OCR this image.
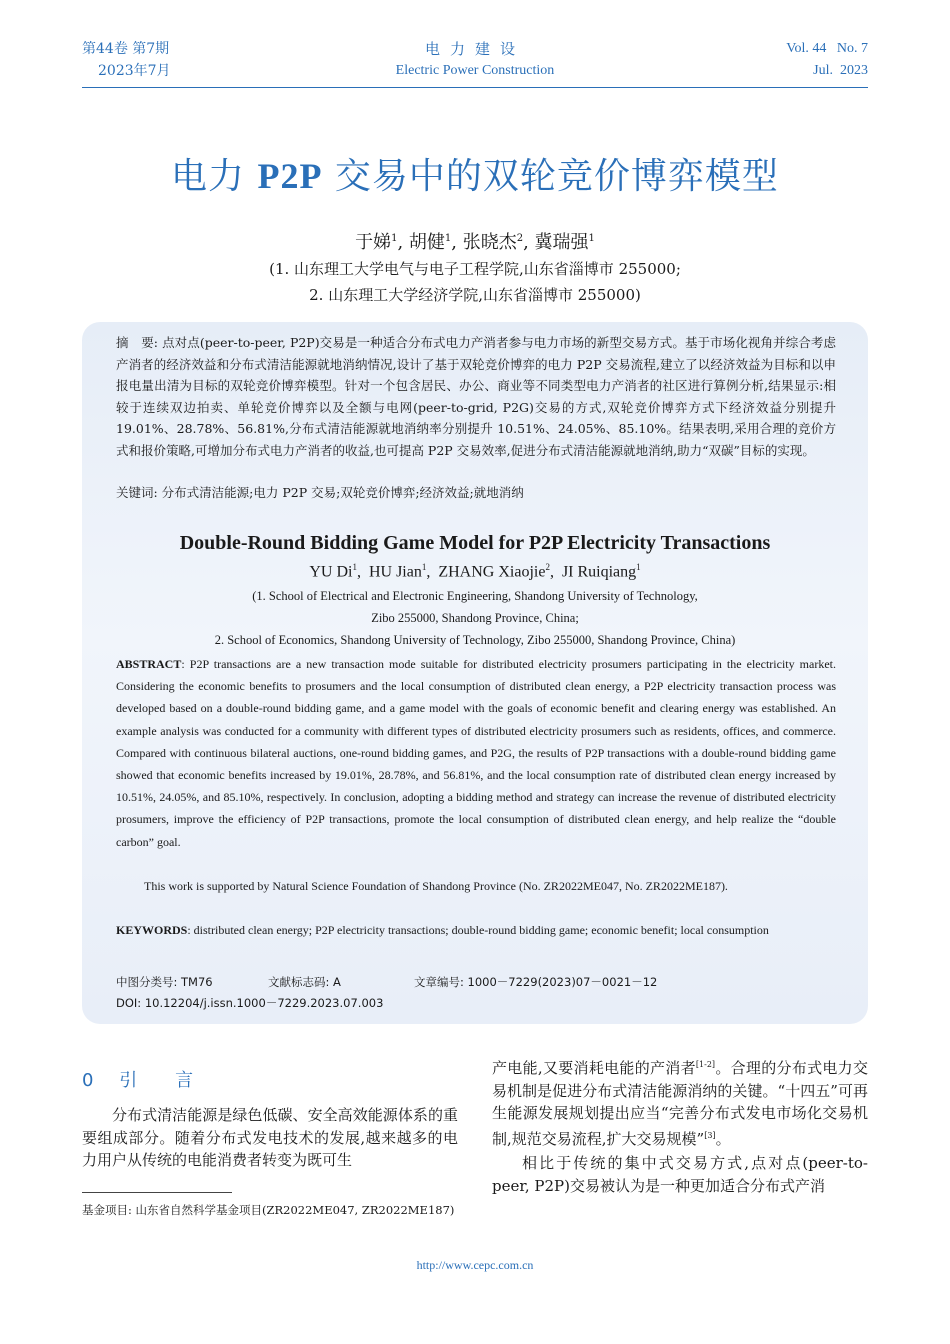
第44卷 第7期
2023年7月
电力建设
Electric Power Construction
Vol. 44   No. 7
Jul.  2023
电力 P2P 交易中的双轮竞价博弈模型
于娣$^1$, 胡健$^1$, 张晓杰$^2$, 冀瑞强$^1$
(1. 山东理工大学电气与电子工程学院,山东省淄博市 255000;
2. 山东理工大学经济学院,山东省淄博市 255000)
摘　要: 点对点(peer-to-peer, P2P)交易是一种适合分布式电力产消者参与电力市场的新型交易方式。基于市场化视角并综合考虑产消者的经济效益和分布式清洁能源就地消纳情况,设计了基于双轮竞价博弈的电力 P2P 交易流程,建立了以经济效益为目标和以申报电量出清为目标的双轮竞价博弈模型。针对一个包含居民、办公、商业等不同类型电力产消者的社区进行算例分析,结果显示:相较于连续双边拍卖、单轮竞价博弈以及全额与电网(peer-to-grid, P2G)交易的方式,双轮竞价博弈方式下经济效益分别提升 19.01%、28.78%、56.81%,分布式清洁能源就地消纳率分别提升 10.51%、24.05%、85.10%。结果表明,采用合理的竞价方式和报价策略,可增加分布式电力产消者的收益,也可提高 P2P 交易效率,促进分布式清洁能源就地消纳,助力“双碳”目标的实现。
关键词: 分布式清洁能源;电力 P2P 交易;双轮竞价博弈;经济效益;就地消纳
Double-Round Bidding Game Model for P2P Electricity Transactions
YU Di$^1$,  HU Jian$^1$,  ZHANG Xiaojie$^2$,  JI Ruiqiang$^1$
(1. School of Electrical and Electronic Engineering, Shandong University of Technology,
Zibo 255000, Shandong Province, China;
2. School of Economics, Shandong University of Technology, Zibo 255000, Shandong Province, China)
ABSTRACT: P2P transactions are a new transaction mode suitable for distributed electricity prosumers participating in the electricity market. Considering the economic benefits to prosumers and the local consumption of distributed clean energy, a P2P electricity transaction process was developed based on a double-round bidding game, and a game model with the goals of economic benefit and clearing energy was established. An example analysis was conducted for a community with different types of distributed electricity prosumers such as residents, offices, and commerce. Compared with continuous bilateral auctions, one-round bidding games, and P2G, the results of P2P transactions with a double-round bidding game showed that economic benefits increased by 19.01%, 28.78%, and 56.81%, and the local consumption rate of distributed clean energy increased by 10.51%, 24.05%, and 85.10%, respectively. In conclusion, adopting a bidding method and strategy can increase the revenue of distributed electricity prosumers, improve the efficiency of P2P transactions, promote the local consumption of distributed clean energy, and help realize the “double carbon” goal.
This work is supported by Natural Science Foundation of Shandong Province (No. ZR2022ME047, No. ZR2022ME187).
KEYWORDS: distributed clean energy; P2P electricity transactions; double-round bidding game; economic benefit; local consumption
中图分类号: TM76	文献标志码: A	文章编号: 1000－7229(2023)07－0021－12
DOI: 10.12204/j.issn.1000－7229.2023.07.003
0 引　言
分布式清洁能源是绿色低碳、安全高效能源体系的重要组成部分。随着分布式发电技术的发展,越来越多的电力用户从传统的电能消费者转变为既可生
基金项目: 山东省自然科学基金项目(ZR2022ME047, ZR2022ME187)
产电能,又要消耗电能的产消者[1-2]。合理的分布式电力交易机制是促进分布式清洁能源消纳的关键。“十四五”可再生能源发展规划提出应当“完善分布式发电市场化交易机制,规范交易流程,扩大交易规模”[3]。
相比于传统的集中式交易方式,点对点(peer-to-peer, P2P)交易被认为是一种更加适合分布式产消
http://www.cepc.com.cn
